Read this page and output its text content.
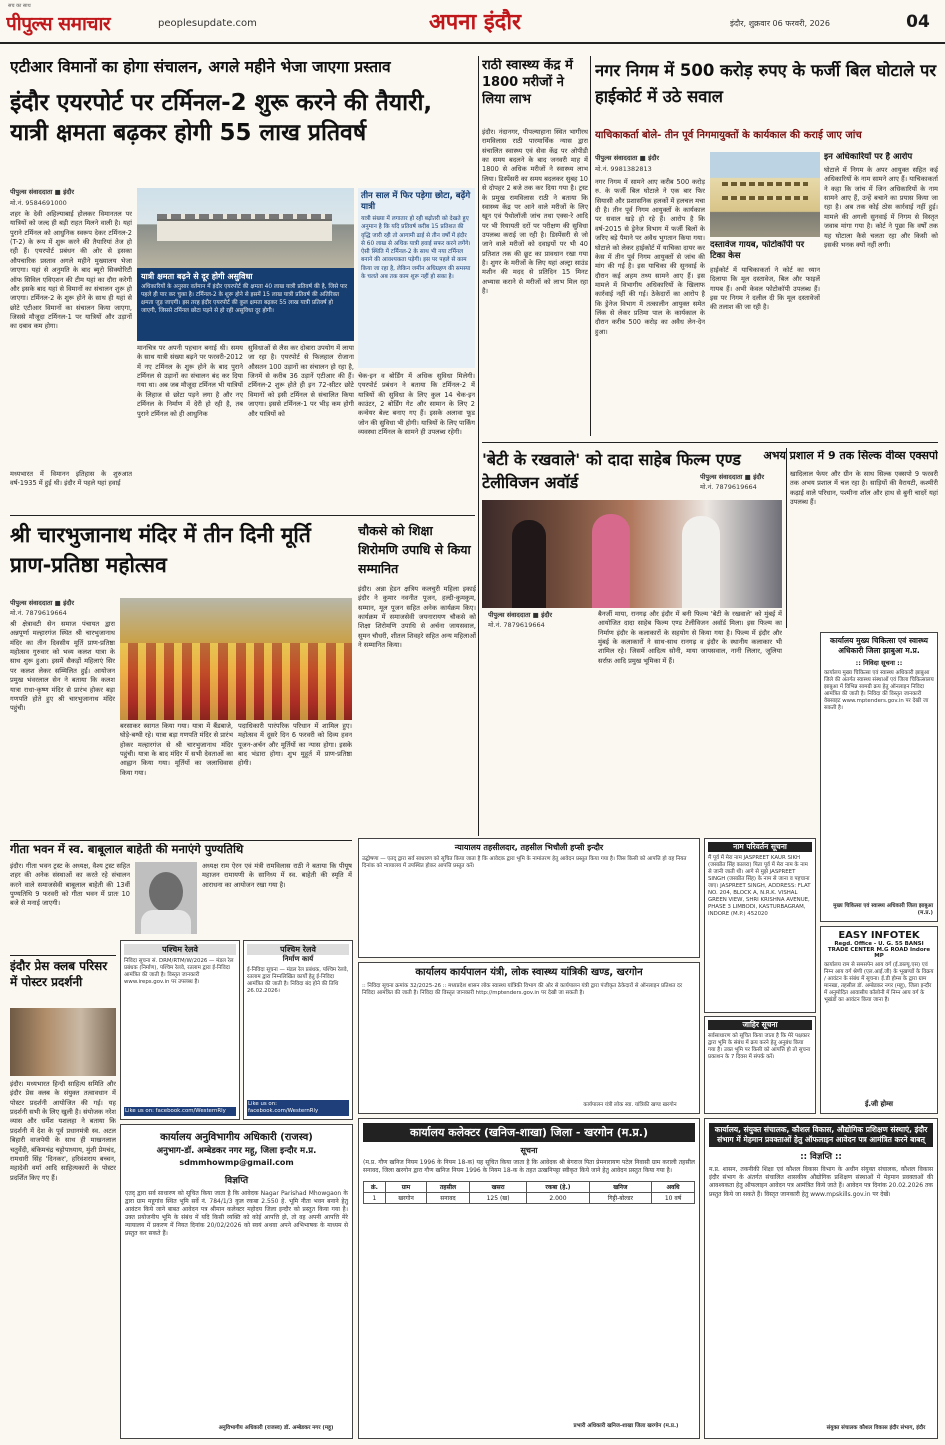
पीपुल्स समाचार
सच का साथ
peoplesupdate.com	अपना इंदौर	इंदौर, शुक्रवार 06 फरवरी, 2026	04
एटीआर विमानों का होगा संचालन, अगले महीने भेजा जाएगा प्रस्ताव
इंदौर एयरपोर्ट पर टर्मिनल-2 शुरू करने की तैयारी, यात्री क्षमता बढ़कर होगी 55 लाख प्रतिवर्ष
पीपुल्स संवाददाता ■ इंदौर
मो.नं. 9584691000
शहर के देवी अहिल्याबाई होलकर विमानतल पर यात्रियों को जल्द ही बड़ी राहत मिलने वाली है। यहां पुराने टर्मिनल को आधुनिक स्वरूप देकर टर्मिनल-2 (T-2) के रूप में शुरू करने की तैयारियां तेज हो रही हैं। एयरपोर्ट प्रबंधन की ओर से इसका औपचारिक प्रस्ताव अगले महीने मुख्यालय भेजा जाएगा। यहां से अनुमति के बाद ब्यूरो सिक्योरिटी ऑफ सिविल एविएशन की टीम यहां का दौरा करेगी और इसके बाद यहां से विमानों का संचालन शुरू हो जाएगा। टर्मिनल-2 के शुरू होने के साथ ही यहां से छोटे एटीआर विमानों का संचालन किया जाएगा, जिससे मौजूदा टर्मिनल-1 पर यात्रियों और उड़ानों का दबाव कम होगा।
मध्यभारत में विमानन इतिहास के शुरुआत वर्ष-1935 में हुई थी। इंदौर में पहले यहां हवाई
यात्री क्षमता बढ़ने से दूर होगी असुविधा
अधिकारियों के अनुसार वर्तमान में इंदौर एयरपोर्ट की क्षमता 40 लाख यात्री प्रतिवर्ष की है, जिसे पार पहले ही पार कर चुका है। टर्मिनल-2 के शुरू होने से इसमें 15 लाख यात्री प्रतिवर्ष की अतिरिक्त क्षमता जुड़ जाएगी। इस तरह इंदौर एयरपोर्ट की कुल क्षमता बढ़कर 55 लाख यात्री प्रतिवर्ष हो जाएगी, जिससे टर्मिनल छोटा पड़ने से हो रही असुविधा दूर होगी।
मानचित्र पर अपनी पहचान बनाई थी। समय के साथ यात्री संख्या बढ़ने पर फरवरी-2012 में नए टर्मिनल के शुरू होने के बाद पुराने टर्मिनल से उड़ानों का संचालन बंद कर दिया गया था। अब जब मौजूदा टर्मिनल भी यात्रियों के लिहाज से छोटा पड़ने लगा है और नए टर्मिनल के निर्माण में देरी हो रही है, तब पुराने टर्मिनल को ही आधुनिक
सुविधाओं से लैस कर दोबारा उपयोग में लाया जा रहा है। एयरपोर्ट से फिलहाल रोजाना औसतन 100 उड़ानों का संचालन हो रहा है, जिनमें से करीब 36 उड़ानें एटीआर की हैं। टर्मिनल-2 शुरू होते ही इन 72-सीटर छोटे विमानों को इसी टर्मिनल से संचालित किया जाएगा। इससे टर्मिनल-1 पर भीड़ कम होगी और यात्रियों को
तीन साल में फिर पड़ेगा छोटा, बढ़ेंगे यात्री
यात्री संख्या में लगातार हो रही बढ़ोतरी को देखते हुए अनुमान है कि यदि प्रतिवर्ष करीब 15 प्रतिशत की वृद्धि जारी रही तो आगामी ढाई से तीन वर्षों में इंदौर से 60 लाख से अधिक यात्री हवाई सफर करने लगेंगे। ऐसी स्थिति में टर्मिनल-2 के साथ भी नया टर्मिनल बनाने की आवश्यकता पड़ेगी। इस पर पहले से काम किया जा रहा है, लेकिन जमीन अधिग्रहण की समस्या के चलते अब तक काम शुरू नहीं हो सका है।
चेक-इन व बोर्डिंग में अधिक सुविधा मिलेगी। एयरपोर्ट प्रबंधन ने बताया कि टर्मिनल-2 में यात्रियों की सुविधा के लिए कुल 14 चेक-इन काउंटर, 2 बोर्डिंग गेट और सामान के लिए 2 कन्वेयर बेल्ट बनाए गए हैं। इसके अलावा फूड जोन की सुविधा भी होगी। यात्रियों के लिए पार्किंग व्यवस्था टर्मिनल के सामने ही उपलब्ध रहेगी।
राठी स्वास्थ्य केंद्र में 1800 मरीजों ने लिया लाभ
इंदौर। नंदानगर, पीपल्याहाना स्थित भागीरथ रामविलास राठी पारमार्थिक न्यास द्वारा संचालित स्वास्थ्य एवं सेवा केंद्र पर ओपीडी का समय बदलने के बाद जनवरी माह में 1800 से अधिक मरीजों ने स्वास्थ्य लाभ लिया। डिस्पेंसरी का समय बदलकर सुबह 10 से दोपहर 2 बजे तक कर दिया गया है। ट्रस्ट के प्रमुख रामविलास राठी ने बताया कि स्वास्थ्य केंद्र पर आने वाले मरीजों के लिए खून एवं पैथोलॉजी जांच तथा एक्स-रे आदि पर भी रियायती दरों पर परीक्षण की सुविधा उपलब्ध कराई जा रही है। डिस्पेंसरी से जो जाने वाले मरीजों को दवाइयों पर भी 40 प्रतिशत तक की छूट का प्रावधान रखा गया है। शुगर के मरीजों के लिए यहां अल्ट्रा साउंड मशीन की मदद से प्रतिदिन 15 मिनट अभ्यास कराने से मरीजों को लाभ मिल रहा है।
नगर निगम में 500 करोड़ रुपए के फर्जी बिल घोटाले पर हाईकोर्ट में उठे सवाल
याचिकाकर्ता बोले- तीन पूर्व निगमायुक्तों के कार्यकाल की कराई जाए जांच
पीपुल्स संवाददाता ■ इंदौर
मो.नं. 9981382813
नगर निगम में सामने आए करीब 500 करोड़ रु. के फर्जी बिल घोटाले ने एक बार फिर सियासी और प्रशासनिक हलकों में हलचल मचा दी है। तीन पूर्व निगम आयुक्तों के कार्यकाल पर सवाल खड़े हो रहे हैं। आरोप है कि वर्ष-2015 से ड्रेनेज विभाग में फर्जी बिलों के जरिए बड़े पैमाने पर अवैध भुगतान किया गया। घोटाले को लेकर हाईकोर्ट में याचिका दायर कर केस में तीन पूर्व निगम आयुक्तों से जांच की मांग की गई है। इस याचिका की सुनवाई के दौरान कई अहम तथ्य सामने आए हैं। इस मामले में विभागीय अधिकारियों के खिलाफ कार्रवाई नहीं की गई। ठेकेदारों का आरोप है कि ड्रेनेज विभाग में तत्कालीन आयुक्त समेत लिंक से लेकर प्रतिमा पाल के कार्यकाल के दौरान करीब 500 करोड़ का अवैध लेन-देन हुआ।
दस्तावेज गायब, फोटोकॉपी पर टिका केस
हाईकोर्ट में याचिकाकर्ता ने कोर्ट का ध्यान दिलाया कि मूल दस्तावेज, बिल और फाइलें गायब हैं। अभी केवल फोटोकॉपी उपलब्ध हैं। इस पर निगम ने दलील दी कि मूल दस्तावेजों की तलाश की जा रही है।
इन अधिकारियों पर है आरोप
घोटाले में निगम के अपर आयुक्त सहित कई अधिकारियों के नाम सामने आए हैं। याचिकाकर्ता ने कहा कि जांच में जिन अधिकारियों के नाम सामने आए हैं, उन्हें बचाने का प्रयास किया जा रहा है। अब तक कोई ठोस कार्रवाई नहीं हुई। मामले की अगली सुनवाई में निगम से विस्तृत जवाब मांगा गया है। कोर्ट ने पूछा कि वर्षों तक यह घोटाला कैसे चलता रहा और किसी को इसकी भनक क्यों नहीं लगी।
'बेटी के रखवाले' को दादा साहेब फिल्म एण्ड टेलीविजन अवॉर्ड
पीपुल्स संवाददाता ■ इंदौर
मो.नं. 7879619664
बैनर्जी माया, रानगढ़ और इंदौर में बनी फिल्म 'बेटी के रखवाले' को मुंबई में आयोजित दादा साहेब फिल्म एण्ड टेलीविजन अवॉर्ड मिला। इस फिल्म का निर्माण इंदौर के कलाकारों के सहयोग से किया गया है। फिल्म में इंदौर और मुंबई के कलाकारों ने साथ-साथ रानगढ़ व इंदौर के स्थानीय कलाकार भी शामिल रहे। जिसमें आदित्य सोनी, माया जायसवाल, नानी लिलार, जूलिया सर्राफ़ आदि प्रमुख भूमिका में हैं।
अभय प्रशाल में 9 तक सिल्क वीव्स एक्सपो
पीपुल्स संवाददाता ■ इंदौर
मो.नं. 7879619664
खादिलाल फेयर और ग्रीन के साथ सिल्क एक्सपो 9 फरवरी तक अभय प्रशाल में चल रहा है। साड़ियों की वैरायटी, कश्मीरी कढ़ाई वाले परिधान, पश्मीना शॉल और हाथ से बुनी चादरें यहां उपलब्ध हैं।
चौकसे को शिक्षा शिरोमणि उपाधि से किया सम्मानित
इंदौर। अन्ना हेडन क्षत्रिय कलचुरी महिला इकाई इंदौर ने कुमार नवनीत पूजन, हल्दी-कुमकुम, सम्मान, मूल पूजन सहित अनेक कार्यक्रम किए। कार्यक्रम में समाजसेवी जयनारायण चौकसे को शिक्षा शिरोमणि उपाधि से अर्चना जायसवाल, सुमन चौधरी, शीतल शिवहरे सहित अन्य महिलाओं ने सम्मानित किया।
श्री चारभुजानाथ मंदिर में तीन दिनी मूर्ति प्राण-प्रतिष्ठा महोत्सव
पीपुल्स संवाददाता ■ इंदौर
मो.नं. 7879619664
श्री क्षेत्रावटी सेन समाज पंचायत द्वारा अन्नपूर्णा मल्हारगंज स्थित श्री चारभुजानाथ मंदिर का तीन दिवसीय मूर्ति प्राण-प्रतिष्ठा महोत्सव गुरुवार को भव्य कलश यात्रा के साथ शुरू हुआ। इसमें सैकड़ों महिलाएं सिर पर कलश लेकर सम्मिलित हुईं। आयोजन प्रमुख भंवरलाल सेन ने बताया कि कलश यात्रा राधा-कृष्ण मंदिर से प्रारंभ होकर बड़ा गणपति होते हुए श्री चारभुजानाथ मंदिर पहुंची।
बरसाकर स्वागत किया गया। यात्रा में बैंडबाजे, घोड़े-बग्घी रहे। यात्रा बड़ा गणपति मंदिर से प्रारंभ होकर मल्हारगंज से श्री चारभुजानाथ मंदिर पहुंची। यात्रा के बाद मंदिर में सभी देवताओं का आह्वान किया गया। मूर्तियों का जलाधिवास किया गया।
पदाधिकारी पारंपरिक परिधान में शामिल हुए। महोत्सव में दूसरे दिन 6 फरवरी को दिव्य हवन पूजन-अर्चन और मूर्तियों का न्यास होगा। इसके बाद भंडारा होगा। शुभ मुहूर्त में प्राण-प्रतिष्ठा होगी।
गीता भवन में स्व. बाबूलाल बाहेती की मनाएंगे पुण्यतिथि
इंदौर। गीता भवन ट्रस्ट के अध्यक्ष, वैश्य ट्रस्ट सहित शहर की अनेक संस्थाओं का करते रहे संचालन करने वाले समाजसेवी बाबूलाल बाहेती की 13वीं पुण्यतिथि 9 फरवरी को गीता भवन में प्रातः 10 बजे से मनाई जाएगी।
अध्यक्ष राम ऐरन एवं मंत्री रामविलास राठी ने बताया कि पीयूष महाजन रामायणी के सानिध्य में स्व. बाहेती की स्मृति में आराधना का आयोजन रखा गया है।
इंदौर प्रेस क्लब परिसर में पोस्टर प्रदर्शनी
इंदौर। मध्यभारत हिन्दी साहित्य समिति और इंदौर प्रेस क्लब के संयुक्त तत्वावधान में पोस्टर प्रदर्शनी आयोजित की गई। यह प्रदर्शनी सभी के लिए खुली है। संयोजक नरेश व्यास और धर्मेश यशलहा ने बताया कि प्रदर्शनी में देश के पूर्व प्रधानमंत्री स्व. अटल बिहारी वाजपेयी के साथ ही माखनलाल चतुर्वेदी, बंकिमचंद्र चट्टोपाध्याय, मुंशी प्रेमचंद, रामधारी सिंह 'दिनकर', हरिवंशराय बच्चन, महादेवी वर्मा आदि साहित्यकारों के पोस्टर प्रदर्शित किए गए हैं।
पश्चिम रेलवे
निविदा सूचना सं. DRM/RTM/W/2026 — मंडल रेल प्रबंधक (निर्माण), पश्चिम रेलवे, रतलाम द्वारा ई-निविदा आमंत्रित की जाती है। विस्तृत जानकारी www.ireps.gov.in पर उपलब्ध है।
Like us on: facebook.com/WesternRly
पश्चिम रेलवे
निर्माण कार्य
ई-निविदा सूचना — मंडल रेल प्रबंधक, पश्चिम रेलवे, रतलाम द्वारा निम्नलिखित कार्यों हेतु ई-निविदा आमंत्रित की जाती है। निविदा बंद होने की तिथि 26.02.2026।
Like us on: facebook.com/WesternRly
न्यायालय तहसीलदार, तहसील भिचौली हप्सी इन्दौर
उद्घोषणा — एतद् द्वारा सर्व साधारण को सूचित किया जाता है कि आवेदक द्वारा भूमि के नामांतरण हेतु आवेदन प्रस्तुत किया गया है। जिस किसी को आपत्ति हो वह नियत दिनांक को न्यायालय में उपस्थित होकर आपत्ति प्रस्तुत करें।
कार्यालय कार्यपालन यंत्री, लोक स्वास्थ्य यांत्रिकी खण्ड, खरगोन
:: निविदा सूचना क्रमांक 32/2025-26 :: मध्यप्रदेश शासन लोक स्वास्थ्य यांत्रिकी विभाग की ओर से कार्यपालन यंत्री द्वारा पंजीकृत ठेकेदारों से ऑनलाइन प्रतिशत दर निविदा आमंत्रित की जाती है। निविदा की विस्तृत जानकारी http://mptenders.gov.in पर देखी जा सकती है।
कार्यपालन यंत्री लोक स्वा. यांत्रिकी खण्ड खरगोन
नाम परिवर्तन सूचना
मैं पूर्व में मेरा नाम JASPREET KAUR SIKH (जसप्रीत सिंह कालरा) पिता पूर्व में मेरा नाम के नाम से जानी जाती थी। आगे से मुझे JASPREET SINGH (जसप्रीत सिंह) के नाम से जाना व पहचाना जाए। JASPREET SINGH, ADDRESS: FLAT NO. 204, BLOCK A, N.R.K. VISHAL GREEN VIEW, SHRI KRISHNA AVENUE, PHASE 3 LIMBODI, KASTURBAGRAM, INDORE (M.P.) 452020
जाहिर सूचना
सर्वसाधारण को सूचित किया जाता है कि मेरे पक्षकार द्वारा भूमि के संबंध में क्रय करने हेतु अनुबंध किया गया है। उक्त भूमि पर किसी को आपत्ति हो तो सूचना प्रकाशन के 7 दिवस में संपर्क करें।
कार्यालय मुख्य चिकित्सा एवं स्वास्थ्य अधिकारी जिला झाबुआ म.प्र.
:: निविदा सूचना ::
कार्यालय मुख्य चिकित्सा एवं स्वास्थ्य अधिकारी झाबुआ जिले की अंतर्गत स्वास्थ्य संस्थाओं एवं जिला चिकित्सालय झाबुआ में विभिन्न सामग्री क्रय हेतु ऑनलाइन निविदा आमंत्रित की जाती है। निविदा की विस्तृत जानकारी वेबसाइट www.mptenders.gov.in पर देखी जा सकती है।
मुख्य चिकित्सा एवं स्वास्थ्य अधिकारी जिला झाबुआ (म.प्र.)
EASY INFOTEK
Regd. Office - U. G. 55 BANSI TRADE CENTER M.G ROAD Indore MP
कार्यालय राम से समसपेन आय वर्ग (ई.डब्ल्यू.एस) एवं निम्न आय वर्ग श्रेणी (एल.आई.जी) के भूखण्डों के विक्रय / आवंटन के संबंध में सूचना। ई.डी होम्स के द्वारा ग्राम मानखा, तहसील डॉ. अम्बेडकर नगर (महू), जिला इन्दौर में अनुमोदित आवासीय कॉलोनी में निम्न आय वर्ग के भूखंडों का आवंटन किया जाना है।
ई.जी होम्स
कार्यालय अनुविभागीय अधिकारी (राजस्व)
अनुभाग-डॉ. अम्बेडकर नगर महू, जिला इन्दौर म.प्र.
sdmmhowmp@gmail.com
विज्ञप्ति
एतद् द्वारा सर्व साधारण को सूचित किया जाता है कि आवेदक Nagar Parishad Mhowgaon के द्वारा ग्राम महूगांव स्थित भूमि सर्वे नं. 784/1/3 कुल रकबा 2.550 हे. भूमि नीता भवन बनाने हेतु आवंटन किये जाने बाबत आवेदन पत्र श्रीमान कलेक्टर महोदय जिला इन्दौर को प्रस्तुत किया गया है। उक्त प्रयोजनीय भूमि के संबंध में यदि किसी व्यक्ति को कोई आपत्ति हो, तो वह अपनी आपत्ति मेरे न्यायालय में प्रकरण में नियत दिनांक 20/02/2026 को स्वयं अथवा अपने अभिभाषक के माध्यम से प्रस्तुत कर सकते हैं।
अनुविभागीय अधिकारी (राजस्व) डॉ. अम्बेडकर नगर (महू)
कार्यालय कलेक्टर (खनिज-शाखा) जिला - खरगोन (म.प्र.)
सूचना
(म.प्र. गौण खनिज नियम 1996 के नियम 18-क) यह सूचित किया जाता है कि आवेदक श्री बेगराज पिता प्रेमनारायण पटेल निवासी ग्राम कराली तहसील सनावद, जिला खरगोन द्वारा गौण खनिज नियम 1996 के नियम 18-क के तहत उत्खनिपट्टा स्वीकृत किये जाने हेतु आवेदन प्रस्तुत किया गया है।
क्रं.	ग्राम	तहसील	खसरा	रकबा (हे.)	खनिज	अवधि
1	खरगोन	सनावद	125 (ख)	2.000	गिट्टी-बोल्डर	10 वर्ष
प्रभारी अधिकारी खनिज-शाखा जिला खरगोन (म.प्र.)
कार्यालय, संयुक्त संचालक, कौशल विकास, औद्योगिक प्रशिक्षण संस्थाएं, इंदौर संभाग में मेहमान प्रवक्ताओं हेतु ऑफलाइन आवेदन पत्र आमंत्रित करने बाबत्
:: विज्ञप्ति ::
म.प्र. शासन, तकनीकी शिक्षा एवं कौशल विकास विभाग के अधीन संयुक्त संचालक, कौशल विकास इंदौर संभाग के अंतर्गत संचालित शासकीय औद्योगिक प्रशिक्षण संस्थाओं में मेहमान प्रवक्ताओं की आवश्यकता हेतु ऑफलाइन आवेदन पत्र आमंत्रित किये जाते हैं। आवेदन पत्र दिनांक 20.02.2026 तक प्रस्तुत किये जा सकते हैं। विस्तृत जानकारी हेतु www.mpskills.gov.in पर देखें।
संयुक्त संचालक कौशल विकास इंदौर संभाग, इंदौर
